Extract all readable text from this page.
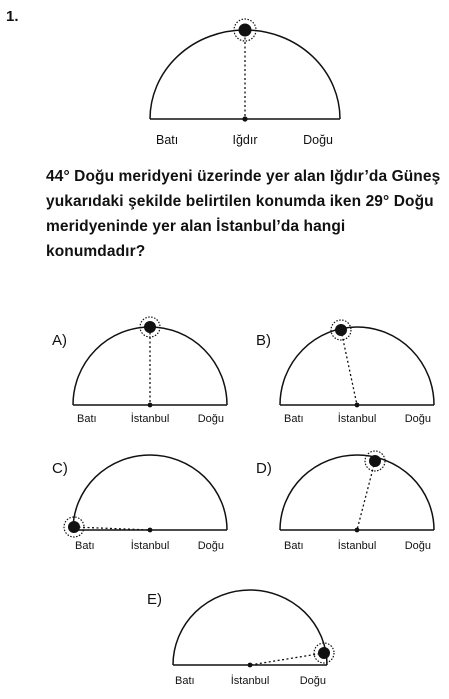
1.
Batı	Iğdır	Doğu
44° Doğu meridyeni üzerinde yer alan Iğdır’da Güneş yukarıdaki şekilde belirtilen konumda iken 29° Doğu meridyeninde yer alan İstanbul’da hangi konumdadır?
A)
Batı	İstanbul	Doğu
B)
Batı	İstanbul	Doğu
C)
Batı	İstanbul	Doğu
D)
Batı	İstanbul	Doğu
E)
Batı	İstanbul	Doğu
